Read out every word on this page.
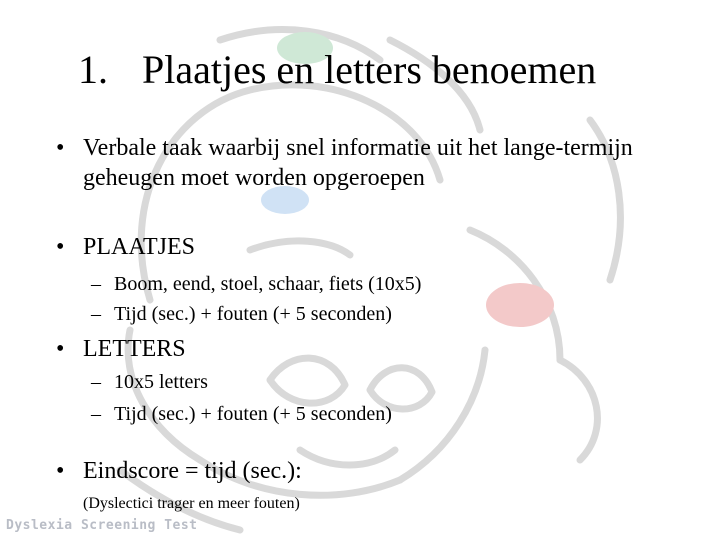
1. Plaatjes en letters benoemen
• Verbale taak waarbij snel informatie uit het lange-termijn geheugen moet worden opgeroepen
• PLAATJES
– Boom, eend, stoel, schaar, fiets (10x5)
– Tijd (sec.) + fouten (+ 5 seconden)
• LETTERS
– 10x5 letters
– Tijd (sec.) + fouten (+ 5 seconden)
• Eindscore = tijd (sec.):
(Dyslectici trager en meer fouten)
Dyslexia Screening Test
